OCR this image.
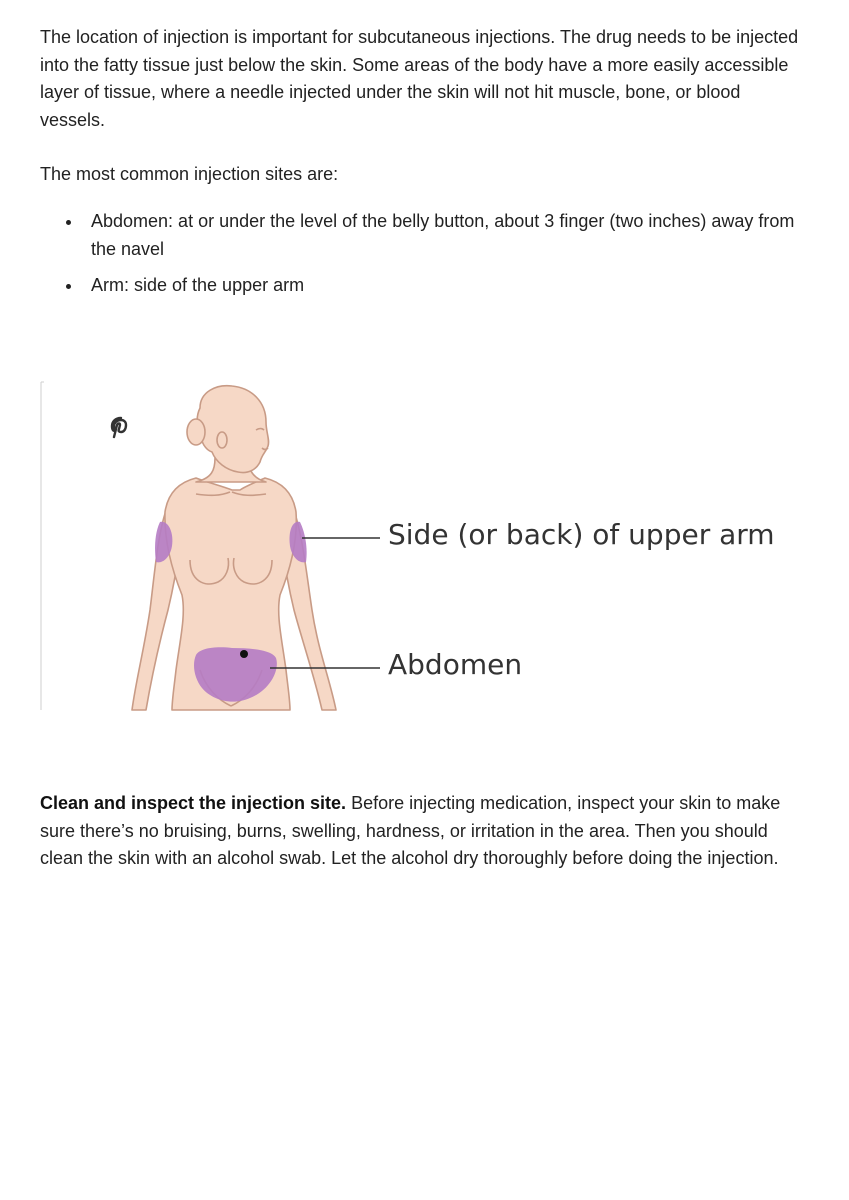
The location of injection is important for subcutaneous injections. The drug needs to be injected into the fatty tissue just below the skin. Some areas of the body have a more easily accessible layer of tissue, where a needle injected under the skin will not hit muscle, bone, or blood vessels.

The most common injection sites are:

Abdomen: at or under the level of the belly button, about 3 finger (two inches) away from the navel
Arm: side of the upper arm
Side (or back) of upper arm
Abdomen

Clean and inspect the injection site. Before injecting medication, inspect your skin to make sure there’s no bruising, burns, swelling, hardness, or irritation in the area. Then you should clean the skin with an alcohol swab. Let the alcohol dry thoroughly before doing the injection.
